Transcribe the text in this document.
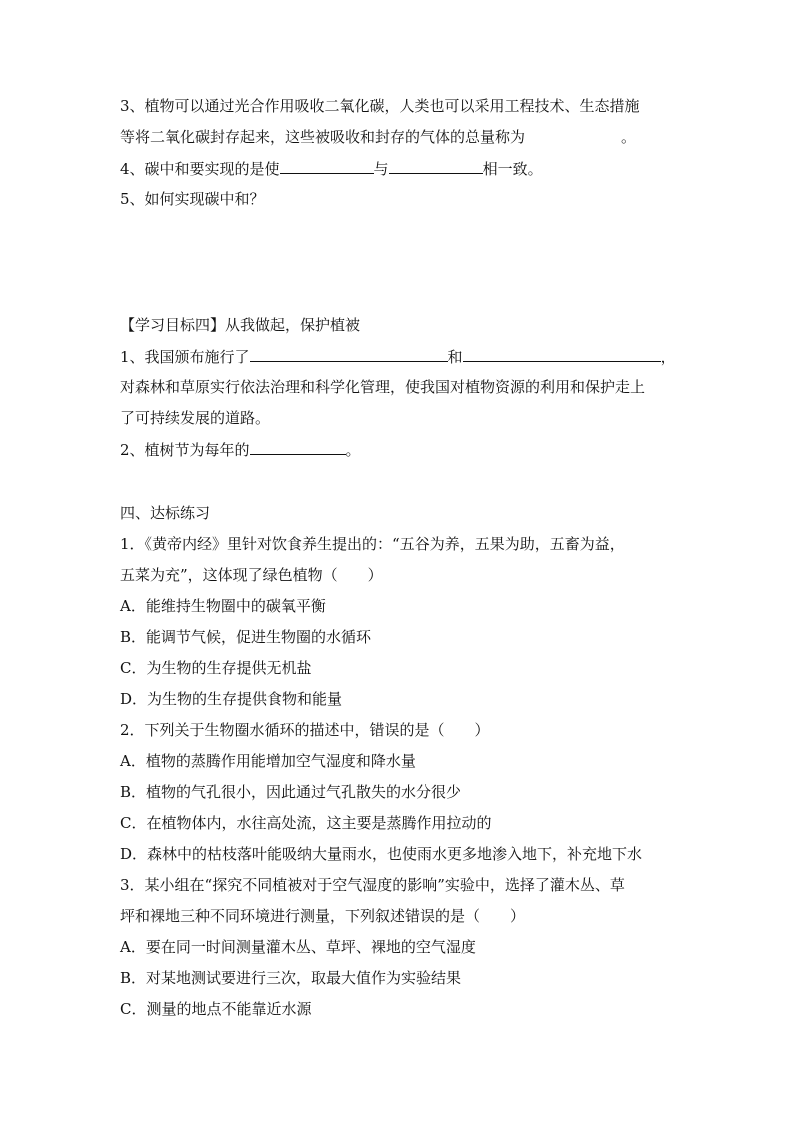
3、植物可以通过光合作用吸收二氧化碳，人类也可以采用工程技术、生态措施
等将二氧化碳封存起来，这些被吸收和封存的气体的总量称为	。
4、碳中和要实现的是使	与	相一致。
5、如何实现碳中和？
【学习目标四】从我做起，保护植被
1、我国颁布施行了	和	，
对森林和草原实行依法治理和科学化管理，使我国对植物资源的利用和保护走上
了可持续发展的道路。
2、植树节为每年的	。
四、达标练习
1．《黄帝内经》里针对饮食养生提出的：“五谷为养，五果为助，五畜为益，
五菜为充”，这体现了绿色植物（　　）
A．能维持生物圈中的碳氧平衡
B．能调节气候，促进生物圈的水循环
C．为生物的生存提供无机盐
D．为生物的生存提供食物和能量
2．下列关于生物圈水循环的描述中，错误的是（　　）
A．植物的蒸腾作用能增加空气湿度和降水量
B．植物的气孔很小，因此通过气孔散失的水分很少
C．在植物体内，水往高处流，这主要是蒸腾作用拉动的
D．森林中的枯枝落叶能吸纳大量雨水，也使雨水更多地渗入地下，补充地下水
3．某小组在“探究不同植被对于空气湿度的影响”实验中，选择了灌木丛、草
坪和裸地三种不同环境进行测量，下列叙述错误的是（　　）
A．要在同一时间测量灌木丛、草坪、裸地的空气湿度
B．对某地测试要进行三次，取最大值作为实验结果
C．测量的地点不能靠近水源
